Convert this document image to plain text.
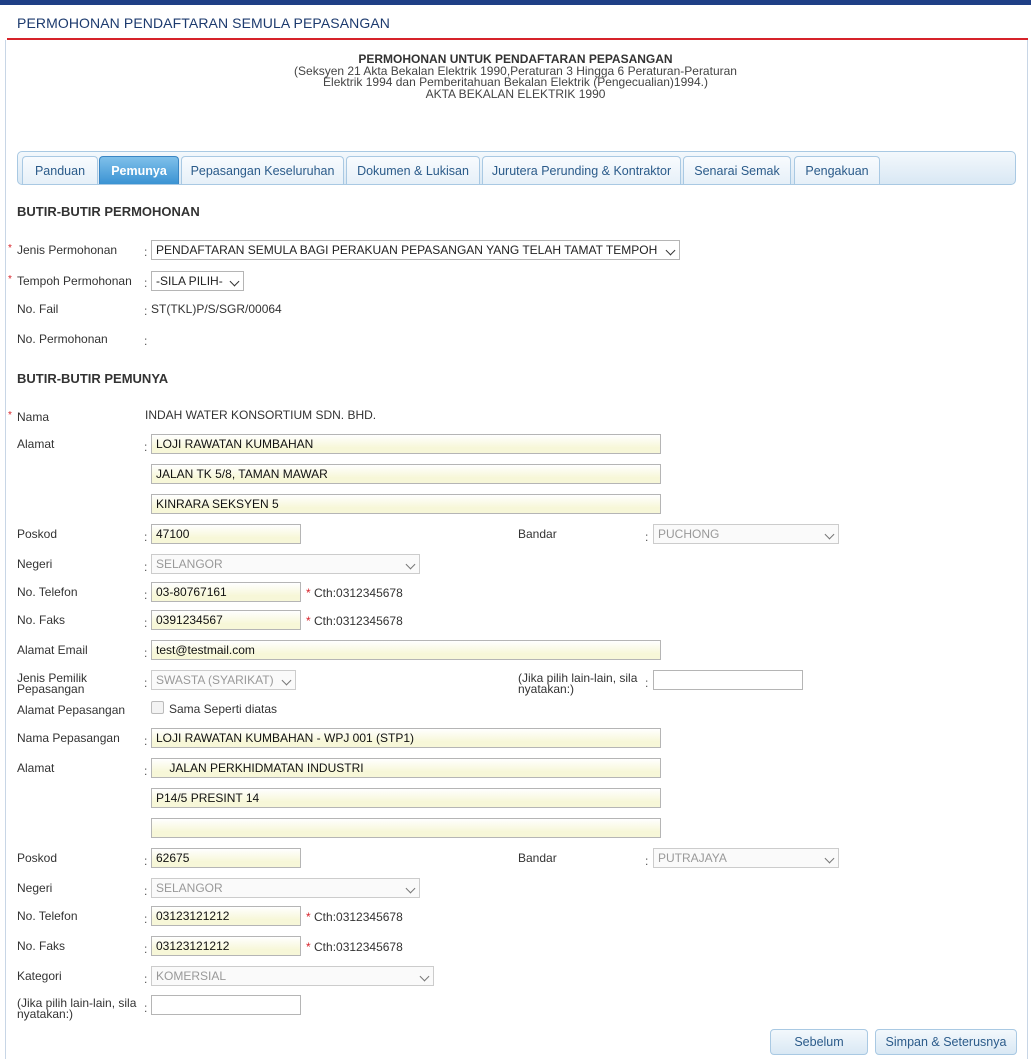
PERMOHONAN PENDAFTARAN SEMULA PEPASANGAN
PERMOHONAN UNTUK PENDAFTARAN PEPASANGAN
(Seksyen 21 Akta Bekalan Elektrik 1990,Peraturan 3 Hingga 6 Peraturan-Peraturan
Elektrik 1994 dan Pemberitahuan Bekalan Elektrik (Pengecualian)1994.)
AKTA BEKALAN ELEKTRIK 1990
Panduan	Pemunya	Pepasangan Keseluruhan	Dokumen & Lukisan	Jurutera Perunding & Kontraktor	Senarai Semak	Pengakuan
BUTIR-BUTIR PERMOHONAN
* Jenis Permohonan : PENDAFTARAN SEMULA BAGI PERAKUAN PEPASANGAN YANG TELAH TAMAT TEMPOH
* Tempoh Permohonan : -SILA PILIH-
No. Fail	: ST(TKL)P/S/SGR/00064
No. Permohonan	:
BUTIR-BUTIR PEMUNYA
* Nama	INDAH WATER KONSORTIUM SDN. BHD.
Alamat	:
LOJI RAWATAN KUMBAHAN
JALAN TK 5/8, TAMAN MAWAR
KINRARA SEKSYEN 5
Poskod	:
47100	Bandar	: PUCHONG
Negeri	: SELANGOR
No. Telefon	:
03-80767161	* Cth:0312345678
No. Faks	:
0391234567	* Cth:0312345678
Alamat Email	:
test@testmail.com
Jenis Pemilik
Pepasangan	: SWASTA (SYARIKAT)	(Jika pilih lain-lain, sila
nyatakan:)	:
Alamat Pepasangan	Sama Seperti diatas
Nama Pepasangan :
LOJI RAWATAN KUMBAHAN - WPJ 001 (STP1)
Alamat	:
JALAN PERKHIDMATAN INDUSTRI
P14/5 PRESINT 14
Poskod	:
62675	Bandar	: PUTRAJAYA
Negeri	: SELANGOR
No. Telefon	:
03123121212	* Cth:0312345678
No. Faks	:
03123121212	* Cth:0312345678
Kategori	: KOMERSIAL
(Jika pilih lain-lain, sila
nyatakan:)	:
Sebelum	Simpan & Seterusnya
